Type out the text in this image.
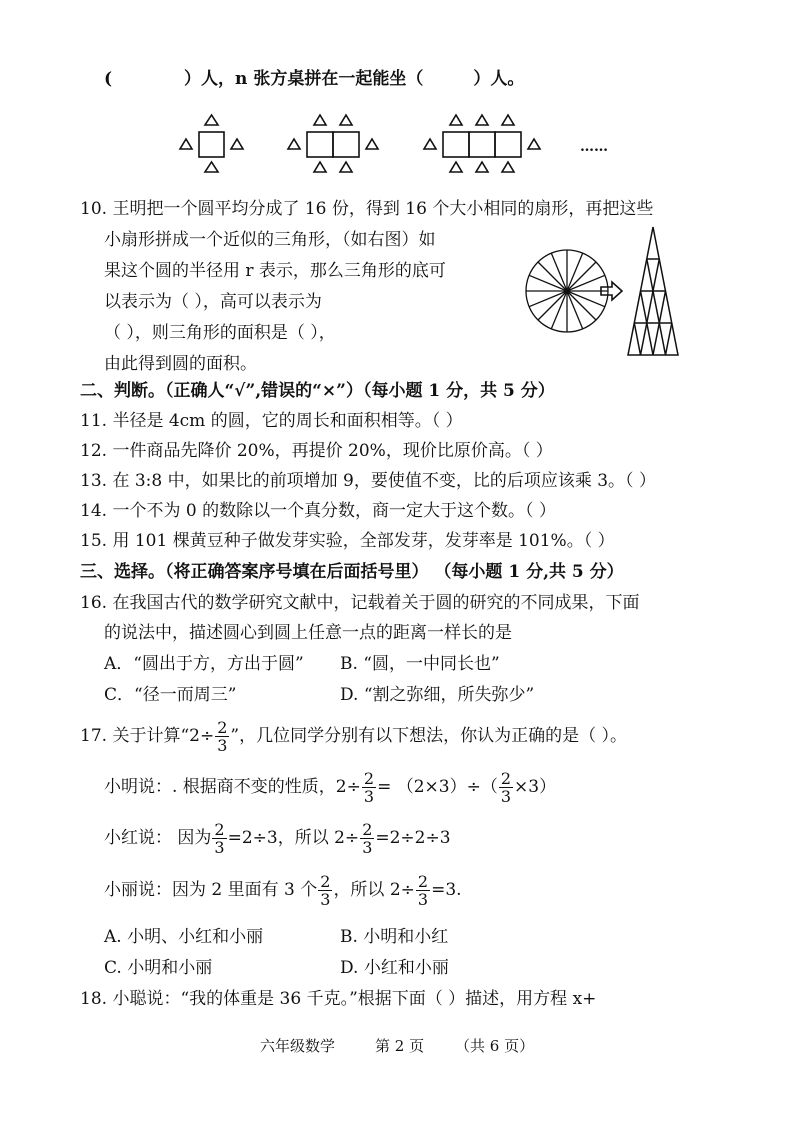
(	）人，n 张方桌拼在一起能坐（	）人。
……
10. 王明把一个圆平均分成了 16 份，得到 16 个大小相同的扇形，再把这些
小扇形拼成一个近似的三角形，（如右图）如
果这个圆的半径用 r 表示，那么三角形的底可
以表示为（ ），高可以表示为
（ ），则三角形的面积是（ ），
由此得到圆的面积。
二、判断。（正确人“√”,错误的“×”）（每小题 1 分，共 5 分）
11. 半径是 4cm 的圆，它的周长和面积相等。（ ）
12. 一件商品先降价 20%，再提价 20%，现价比原价高。（ ）
13. 在 3:8 中，如果比的前项增加 9，要使值不变，比的后项应该乘 3。（ ）
14. 一个不为 0 的数除以一个真分数，商一定大于这个数。（ ）
15. 用 101 棵黄豆种子做发芽实验，全部发芽，发芽率是 101%。（ ）
三、选择。（将正确答案序号填在后面括号里） （每小题 1 分,共 5 分）
16. 在我国古代的数学研究文献中，记载着关于圆的研究的不同成果，下面
的说法中，描述圆心到圆上任意一点的距离一样长的是
A．“圆出于方，方出于圆” B. “圆，一中同长也”
C．“径一而周三”	D. “割之弥细，所失弥少”
17. 关于计算“$2\div \frac{2}{3}$ ”，几位同学分别有以下想法，你认为正确的是（ ）。
小明说：. 根据商不变的性质，$2\div \frac{2}{3} = (2\times 3)\div( \frac{2}{3} \times 3)$
小红说： 因为 $\frac{2}{3} =2\div 3$，所以 $2\div \frac{2}{3} =2\div 2\div 3$
小丽说：因为 2 里面有 3 个 $\frac{2}{3}$ ，所以 $2\div \frac{2}{3} =3$.
A. 小明、小红和小丽	B. 小明和小红
C. 小明和小丽	D. 小红和小丽
18. 小聪说：“我的体重是 36 千克。”根据下面（ ）描述，用方程 x+
六年级数学	第 2 页 （共 6 页）
